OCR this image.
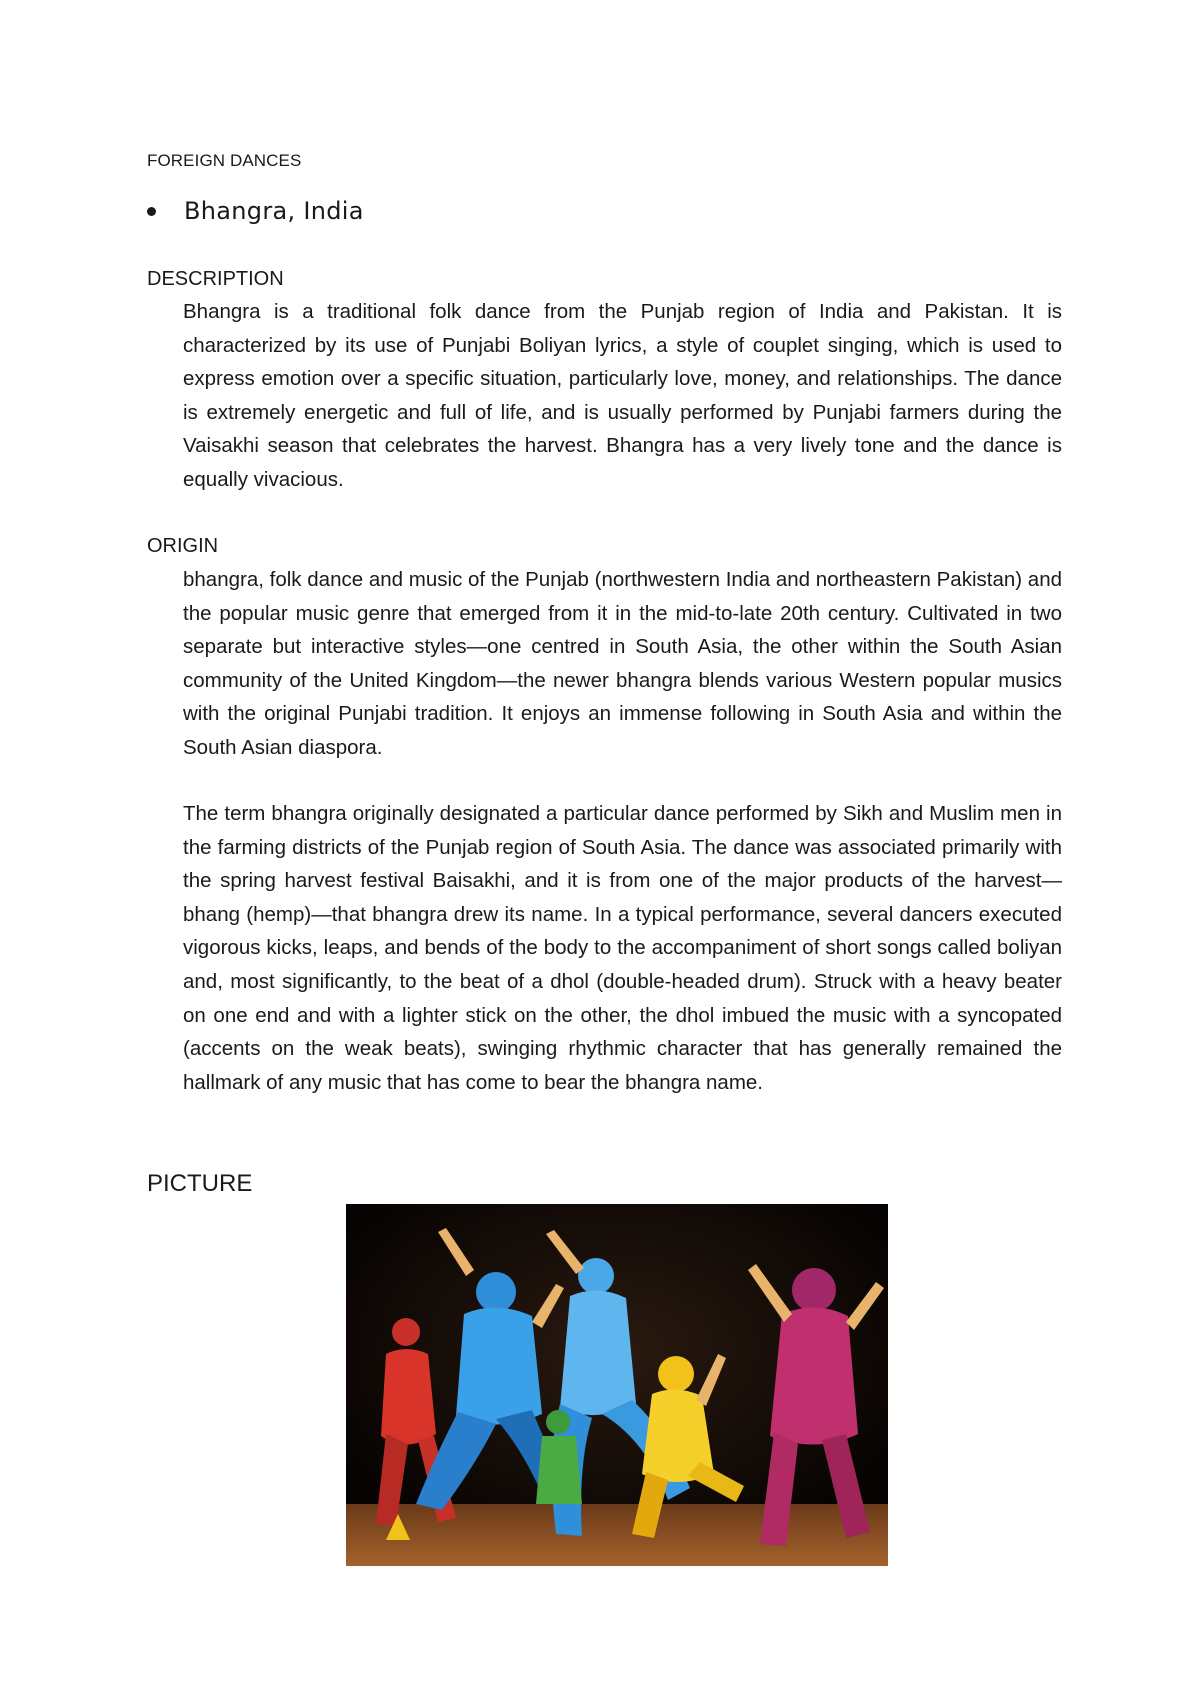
FOREIGN DANCES
Bhangra, India
DESCRIPTION

Bhangra is a traditional folk dance from the Punjab region of India and Pakistan. It is characterized by its use of Punjabi Boliyan lyrics, a style of couplet singing, which is used to express emotion over a specific situation, particularly love, money, and relationships. The dance is extremely energetic and full of life, and is usually performed by Punjabi farmers during the Vaisakhi season that celebrates the harvest. Bhangra has a very lively tone and the dance is equally vivacious.

ORIGIN

bhangra, folk dance and music of the Punjab (northwestern India and northeastern Pakistan) and the popular music genre that emerged from it in the mid-to-late 20th century. Cultivated in two separate but interactive styles—one centred in South Asia, the other within the South Asian community of the United Kingdom—the newer bhangra blends various Western popular musics with the original Punjabi tradition. It enjoys an immense following in South Asia and within the South Asian diaspora.

The term bhangra originally designated a particular dance performed by Sikh and Muslim men in the farming districts of the Punjab region of South Asia. The dance was associated primarily with the spring harvest festival Baisakhi, and it is from one of the major products of the harvest—bhang (hemp)—that bhangra drew its name. In a typical performance, several dancers executed vigorous kicks, leaps, and bends of the body to the accompaniment of short songs called boliyan and, most significantly, to the beat of a dhol (double-headed drum). Struck with a heavy beater on one end and with a lighter stick on the other, the dhol imbued the music with a syncopated (accents on the weak beats), swinging rhythmic character that has generally remained the hallmark of any music that has come to bear the bhangra name.

PICTURE
